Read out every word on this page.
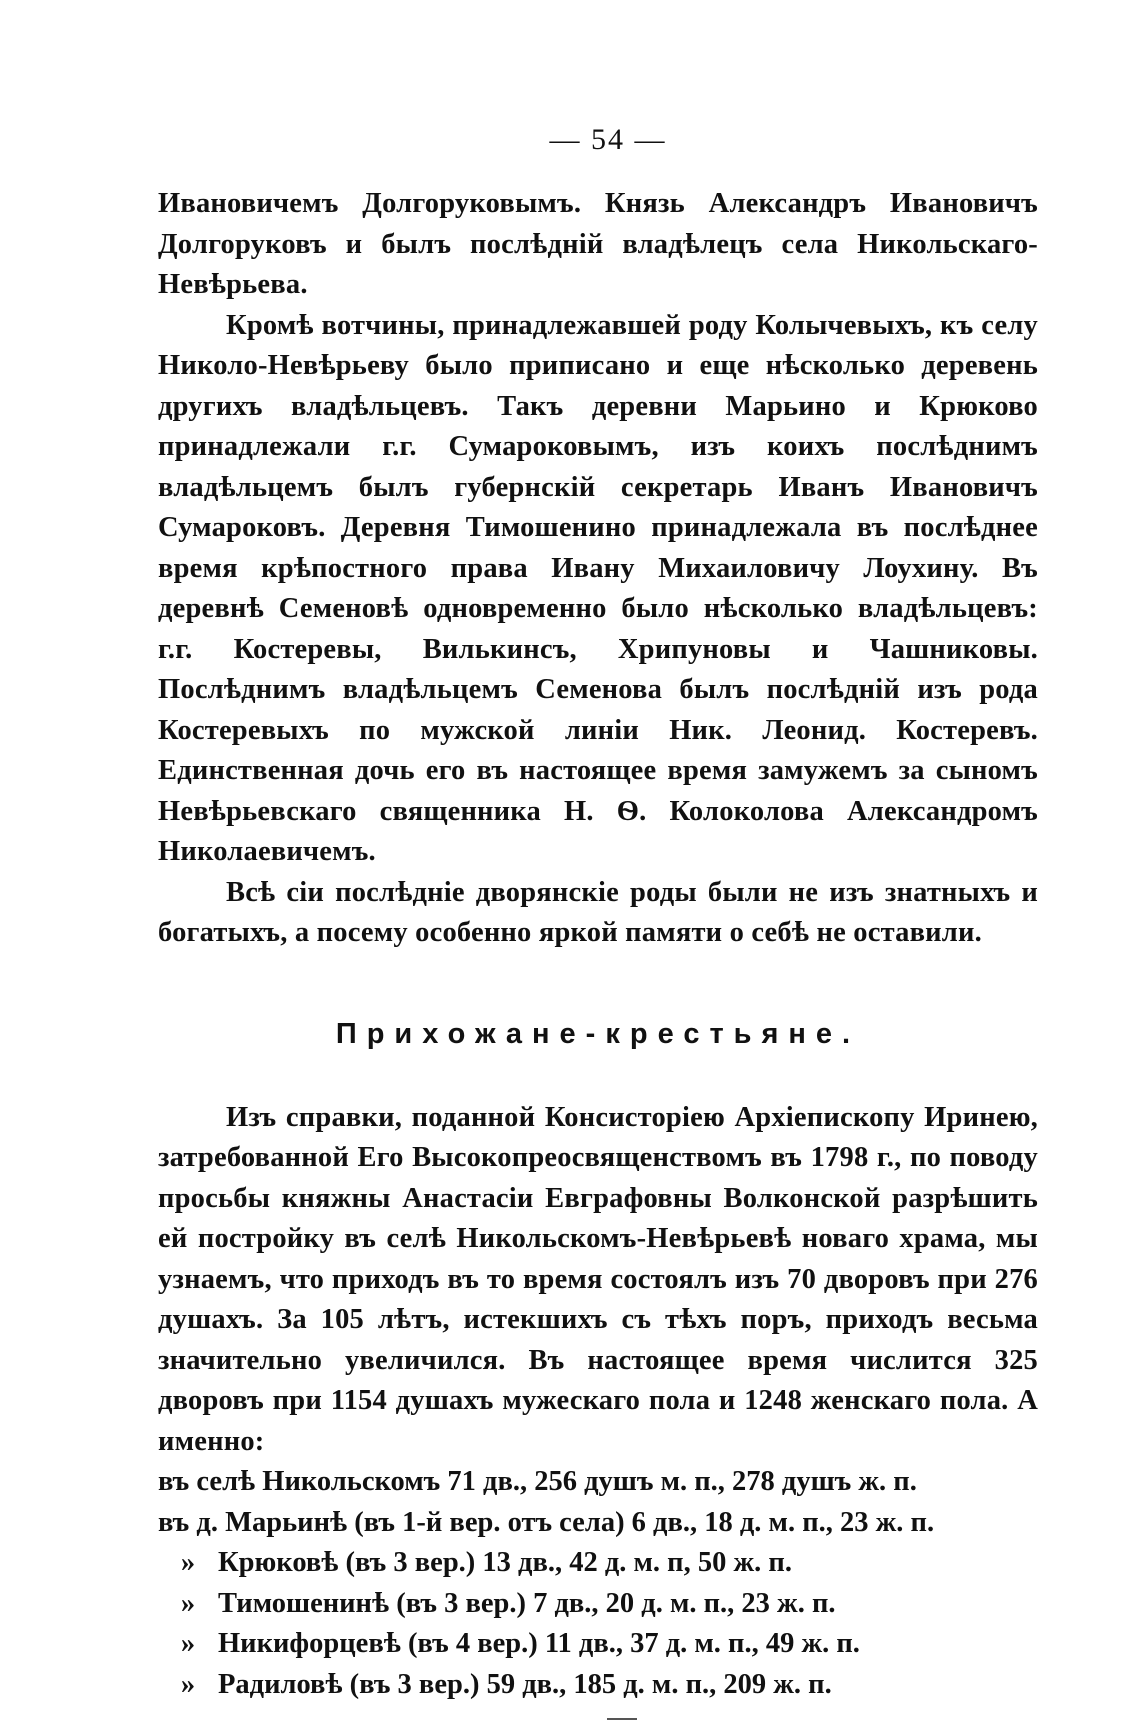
— 54 —

Ивановичемъ Долгоруковымъ. Князь Александръ Ивановичъ Долгоруковъ и былъ послѣднiй владѣлецъ села Никольскаго-Невѣрьева.

Кромѣ вотчины, принадлежавшей роду Колычевыхъ, къ селу Николо-Невѣрьеву было приписано и еще нѣсколько деревень другихъ владѣльцевъ. Такъ деревни Марьино и Крюково принадлежали г.г. Сумароковымъ, изъ коихъ послѣднимъ владѣльцемъ былъ губернскiй секретарь Иванъ Ивановичъ Сумароковъ. Деревня Тимошенино принадлежала въ послѣднее время крѣпостного права Ивану Михаиловичу Лоухину. Въ деревнѣ Семеновѣ одновременно было нѣсколько владѣльцевъ: г.г. Костеревы, Вилькинсъ, Хрипуновы и Чашниковы. Послѣднимъ владѣльцемъ Семенова былъ послѣднiй изъ рода Костеревыхъ по мужской линiи Ник. Леонид. Костеревъ. Единственная дочь его въ настоящее время замужемъ за сыномъ Невѣрьевскаго священника Н. Ѳ. Колоколова Александромъ Николаевичемъ.

Всѣ сiи послѣднiе дворянскiе роды были не изъ знатныхъ и богатыхъ, а посему особенно яркой памяти о себѣ не оставили.

Прихожане-крестьяне.

Изъ справки, поданной Консисторiею Архiепископу Иринею, затребованной Его Высокопреосвященствомъ въ 1798 г., по поводу просьбы княжны Анастасiи Евграфовны Волконской разрѣшить ей постройку въ селѣ Никольскомъ-Невѣрьевѣ новаго храма, мы узнаемъ, что приходъ въ то время состоялъ изъ 70 дворовъ при 276 душахъ. За 105 лѣтъ, истекшихъ съ тѣхъ поръ, приходъ весьма значительно увеличился. Въ настоящее время числится 325 дворовъ при 1154 душахъ мужескаго пола и 1248 женскаго пола. А именно:

въ селѣ Никольскомъ 71 дв., 256 душъ м. п., 278 душъ ж. п.
въ д. Марьинѣ (въ 1-й вер. отъ села) 6 дв., 18 д. м. п., 23 ж. п.
» Крюковѣ (въ 3 вер.) 13 дв., 42 д. м. п, 50 ж. п.
» Тимошенинѣ (въ 3 вер.) 7 дв., 20 д. м. п., 23 ж. п.
» Никифорцевѣ (въ 4 вер.) 11 дв., 37 д. м. п., 49 ж. п.
» Радиловѣ (въ 3 вер.) 59 дв., 185 д. м. п., 209 ж. п.
